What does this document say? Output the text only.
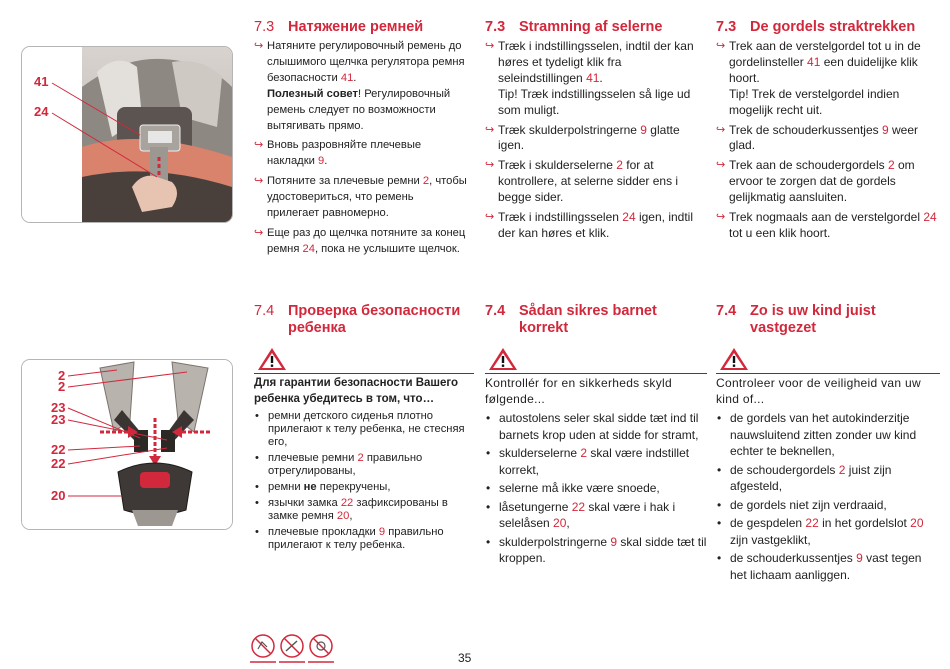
41
24
2
2
23
23
22
22
20
7.3 Натяжение ремней
↪ Натяните регулировочный ремень до слышимого щелчка регулятора ремня безопасности 41.
Полезный совет! Регулировочный ремень следует по возможности вытягивать прямо.
↪ Вновь разровняйте плечевые накладки 9.
↪ Потяните за плечевые ремни 2, чтобы удостовериться, что ремень прилегает равномерно.
↪ Еще раз до щелчка потяните за конец ремня 24, пока не услышите щелчок.
7.3 Stramning af selerne
↪ Træk i indstillingsselen, indtil der kan høres et tydeligt klik fra seleindstillingen 41.
Tip! Træk indstillingsselen så lige ud som muligt.
↪ Træk skulderpolstringerne 9 glatte igen.
↪ Træk i skulderselerne 2 for at kontrollere, at selerne sidder ens i begge sider.
↪ Træk i indstillingsselen 24 igen, indtil der kan høres et klik.
7.3 De gordels straktrekken
↪ Trek aan de verstelgordel tot u in de gordelinsteller 41 een duidelijke klik hoort.
Tip! Trek de verstelgordel indien mogelijk recht uit.
↪ Trek de schouderkussentjes 9 weer glad.
↪ Trek aan de schoudergordels 2 om ervoor te zorgen dat de gordels gelijkmatig aansluiten.
↪ Trek nogmaals aan de verstelgordel 24 tot u een klik hoort.
7.4 Проверка безопасности ребенка

Для гарантии безопасности Вашего ребенка убедитесь в том, что…

• ремни детского сиденья плотно прилегают к телу ребенка, не стесняя его,
• плечевые ремни 2 правильно отрегулированы,
• ремни не перекручены,
• язычки замка 22 зафиксированы в замке ремня 20,
• плечевые прокладки 9 правильно прилегают к телу ребенка.
7.4 Sådan sikres barnet korrekt

Kontrollér for en sikkerheds skyld følgende...

• autostolens seler skal sidde tæt ind til barnets krop uden at sidde for stramt,
• skulderselerne 2 skal være indstillet korrekt,
• selerne må ikke være snoede,
• låsetungerne 22 skal være i hak i selelåsen 20,
• skulderpolstringerne 9 skal sidde tæt til kroppen.
7.4 Zo is uw kind juist vastgezet

Controleer voor de veiligheid van uw kind of...

• de gordels van het autokinderzitje nauwsluitend zitten zonder uw kind echter te beknellen,
• de schoudergordels 2 juist zijn afgesteld,
• de gordels niet zijn verdraaid,
• de gespdelen 22 in het gordelslot 20 zijn vastgeklikt,
• de schouderkussentjes 9 vast tegen het lichaam aanliggen.
35
